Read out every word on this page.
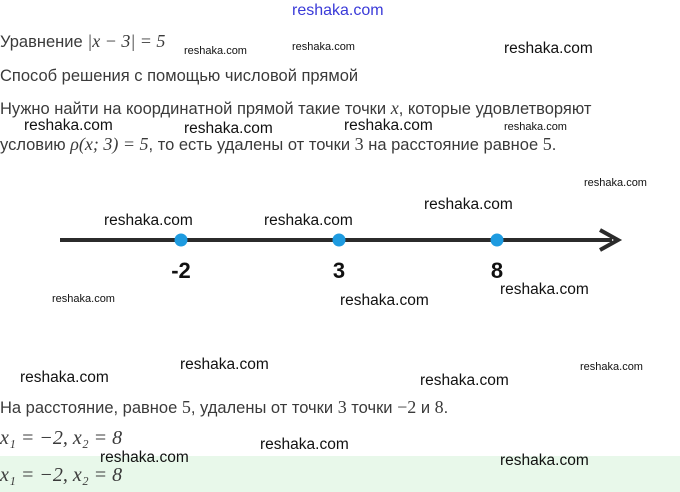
reshaka.com
Уравнение |x − 3| = 5
Способ решения с помощью числовой прямой
Нужно найти на координатной прямой такие точки x, которые удовлетворяют
условию ρ(x; 3) = 5, то есть удалены от точки 3 на расстояние равное 5.
-2	3	8
На расстояние, равное 5, удалены от точки 3 точки −2 и 8.
x₁ = −2, x₂ = 8
x₁ = −2, x₂ = 8
reshaka.com	reshaka.com	reshaka.com
reshaka.com	reshaka.com	reshaka.com	reshaka.com
reshaka.com
reshaka.com
reshaka.com	reshaka.com
reshaka.com
reshaka.com
reshaka.com
reshaka.com	reshaka.com
reshaka.com	reshaka.com
reshaka.com
reshaka.com	reshaka.com
